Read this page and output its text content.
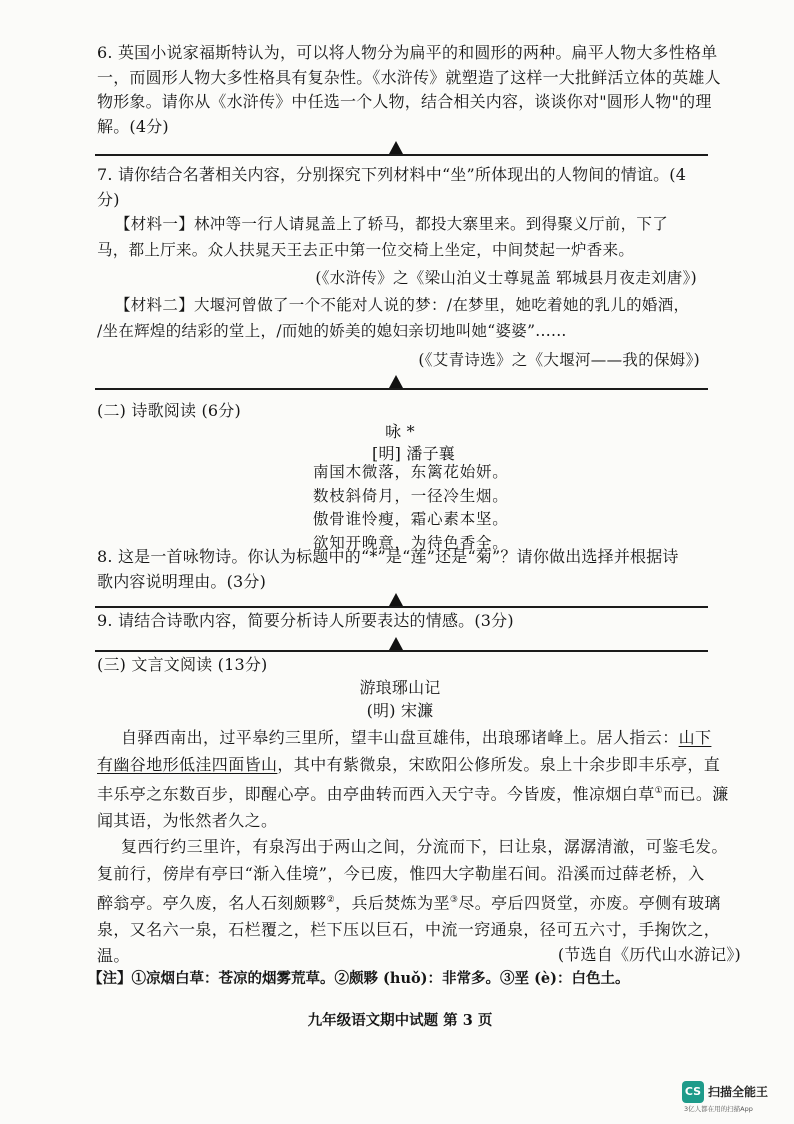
6. 英国小说家福斯特认为，可以将人物分为扁平的和圆形的两种。扁平人物大多性格单
一，而圆形人物大多性格具有复杂性。《水浒传》就塑造了这样一大批鲜活立体的英雄人
物形象。请你从《水浒传》中任选一个人物，结合相关内容，谈谈你对"圆形人物"的理
解。(4分)
7. 请你结合名著相关内容，分别探究下列材料中“坐”所体现出的人物间的情谊。(4
分)
【材料一】林冲等一行人请晁盖上了轿马，都投大寨里来。到得聚义厅前，下了
马，都上厅来。众人扶晁天王去正中第一位交椅上坐定，中间焚起一炉香来。
(《水浒传》之《梁山泊义士尊晁盖 郓城县月夜走刘唐》)
【材料二】大堰河曾做了一个不能对人说的梦：/在梦里，她吃着她的乳儿的婚酒，
/坐在辉煌的结彩的堂上，/而她的娇美的媳妇亲切地叫她“婆婆”......
(《艾青诗选》之《大堰河——我的保姆》)
(二) 诗歌阅读 (6分)
咏 *
[明] 潘子襄
南国木微落，东篱花始妍。
数枝斜倚月，一径冷生烟。
傲骨谁怜瘦，霜心素本坚。
欲知开晚意，为待色香全。
8. 这是一首咏物诗。你认为标题中的“*”是“莲”还是“菊”？请你做出选择并根据诗
歌内容说明理由。(3分)
9. 请结合诗歌内容，简要分析诗人所要表达的情感。(3分)
(三) 文言文阅读 (13分)
游琅琊山记
(明) 宋濂
自驿西南出，过平皋约三里所，望丰山盘亘雄伟，出琅琊诸峰上。居人指云：山下
有幽谷地形低洼四面皆山，其中有紫微泉，宋欧阳公修所发。泉上十余步即丰乐亭，直
丰乐亭之东数百步，即醒心亭。由亭曲转而西入天宁寺。今皆废，惟凉烟白草①而已。濂
闻其语，为怅然者久之。
复西行约三里许，有泉泻出于两山之间，分流而下，曰让泉，潺潺清澈，可鉴毛发。
复前行，傍岸有亭曰“渐入佳境”，今已废，惟四大字勒崖石间。沿溪而过薛老桥，入
醉翁亭。亭久废，名人石刻颇夥②，兵后焚炼为垩③尽。亭后四贤堂，亦废。亭侧有玻璃
泉，又名六一泉，石栏覆之，栏下压以巨石，中流一窍通泉，径可五六寸，手掬饮之，
温。	(节选自《历代山水游记》)
【注】①凉烟白草：苍凉的烟雾荒草。②颇夥 (huǒ)：非常多。③垩 (è)：白色土。
九年级语文期中试题 第 3 页
CS 扫描全能王
3亿人都在用的扫描App
